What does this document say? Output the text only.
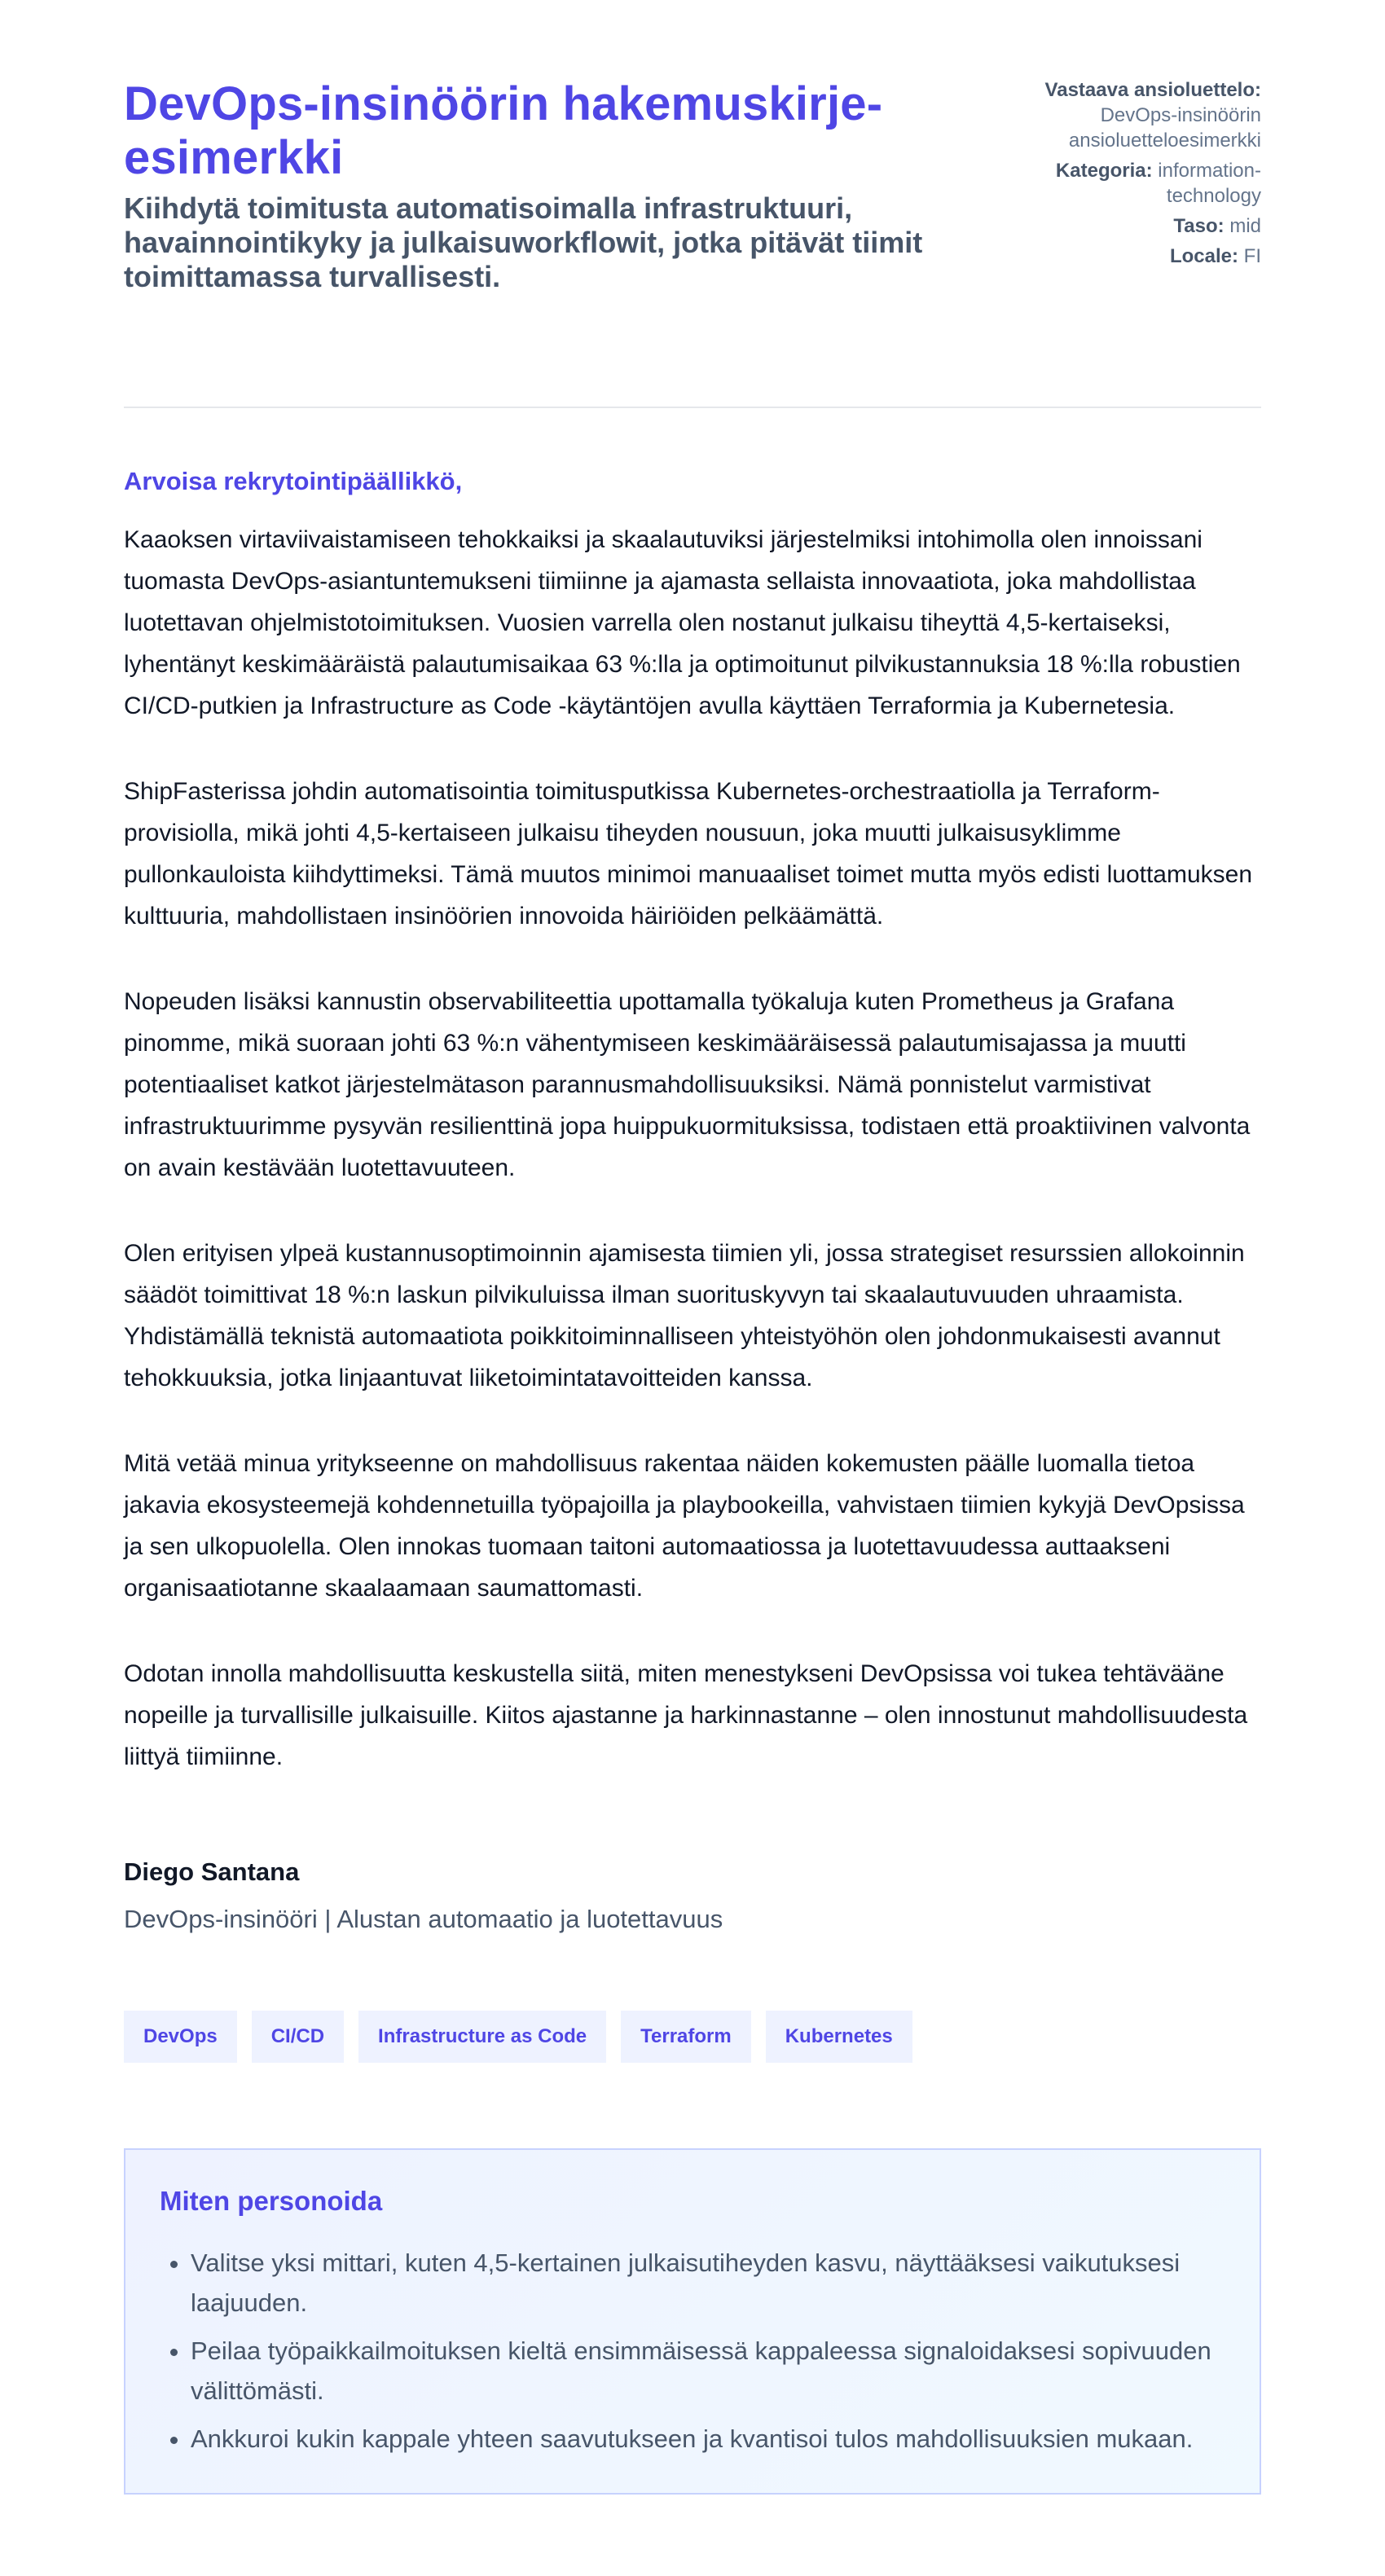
DevOps-insinöörin hakemuskirje-esimerkki
Kiihdytä toimitusta automatisoimalla infrastruktuuri, havainnointikyky ja julkaisuworkflowit, jotka pitävät tiimit toimittamassa turvallisesti.
Vastaava ansioluettelo: DevOps-insinöörin ansioluetteloesimerkki
Kategoria: information-technology
Taso: mid
Locale: FI

Arvoisa rekrytointipäällikkö,

Kaaoksen virtaviivaistamiseen tehokkaiksi ja skaalautuviksi järjestelmiksi intohimolla olen innoissani tuomasta DevOps-asiantuntemukseni tiimiinne ja ajamasta sellaista innovaatiota, joka mahdollistaa luotettavan ohjelmistotoimituksen. Vuosien varrella olen nostanut julkaisu tiheyttä 4,5-kertaiseksi, lyhentänyt keskimääräistä palautumisaikaa 63 %:lla ja optimoitunut pilvikustannuksia 18 %:lla robustien CI/CD-putkien ja Infrastructure as Code -käytäntöjen avulla käyttäen Terraformia ja Kubernetesia.

ShipFasterissa johdin automatisointia toimitusputkissa Kubernetes-orchestraatiolla ja Terraform-provisiolla, mikä johti 4,5-kertaiseen julkaisu tiheyden nousuun, joka muutti julkaisusyklimme pullonkauloista kiihdyttimeksi. Tämä muutos minimoi manuaaliset toimet mutta myös edisti luottamuksen kulttuuria, mahdollistaen insinöörien innovoida häiriöiden pelkäämättä.

Nopeuden lisäksi kannustin observabiliteettia upottamalla työkaluja kuten Prometheus ja Grafana pinomme, mikä suoraan johti 63 %:n vähentymiseen keskimääräisessä palautumisajassa ja muutti potentiaaliset katkot järjestelmätason parannusmahdollisuuksiksi. Nämä ponnistelut varmistivat infrastruktuurimme pysyvän resilienttinä jopa huippukuormituksissa, todistaen että proaktiivinen valvonta on avain kestävään luotettavuuteen.

Olen erityisen ylpeä kustannusoptimoinnin ajamisesta tiimien yli, jossa strategiset resurssien allokoinnin säädöt toimittivat 18 %:n laskun pilvikuluissa ilman suorituskyvyn tai skaalautuvuuden uhraamista. Yhdistämällä teknistä automaatiota poikkitoiminnalliseen yhteistyöhön olen johdonmukaisesti avannut tehokkuuksia, jotka linjaantuvat liiketoimintatavoitteiden kanssa.

Mitä vetää minua yritykseenne on mahdollisuus rakentaa näiden kokemusten päälle luomalla tietoa jakavia ekosysteemejä kohdennetuilla työpajoilla ja playbookeilla, vahvistaen tiimien kykyjä DevOpsissa ja sen ulkopuolella. Olen innokas tuomaan taitoni automaatiossa ja luotettavuudessa auttaakseni organisaatiotanne skaalaamaan saumattomasti.

Odotan innolla mahdollisuutta keskustella siitä, miten menestykseni DevOpsissa voi tukea tehtävääne nopeille ja turvallisille julkaisuille. Kiitos ajastanne ja harkinnastanne – olen innostunut mahdollisuudesta liittyä tiimiinne.

Diego Santana
DevOps-insinööri | Alustan automaatio ja luotettavuus
DevOps	CI/CD	Infrastructure as Code	Terraform	Kubernetes
Miten personoida
• Valitse yksi mittari, kuten 4,5-kertainen julkaisutiheyden kasvu, näyttääksesi vaikutuksesi laajuuden.
• Peilaa työpaikkailmoituksen kieltä ensimmäisessä kappaleessa signaloidaksesi sopivuuden välittömästi.
• Ankkuroi kukin kappale yhteen saavutukseen ja kvantisoi tulos mahdollisuuksien mukaan.
